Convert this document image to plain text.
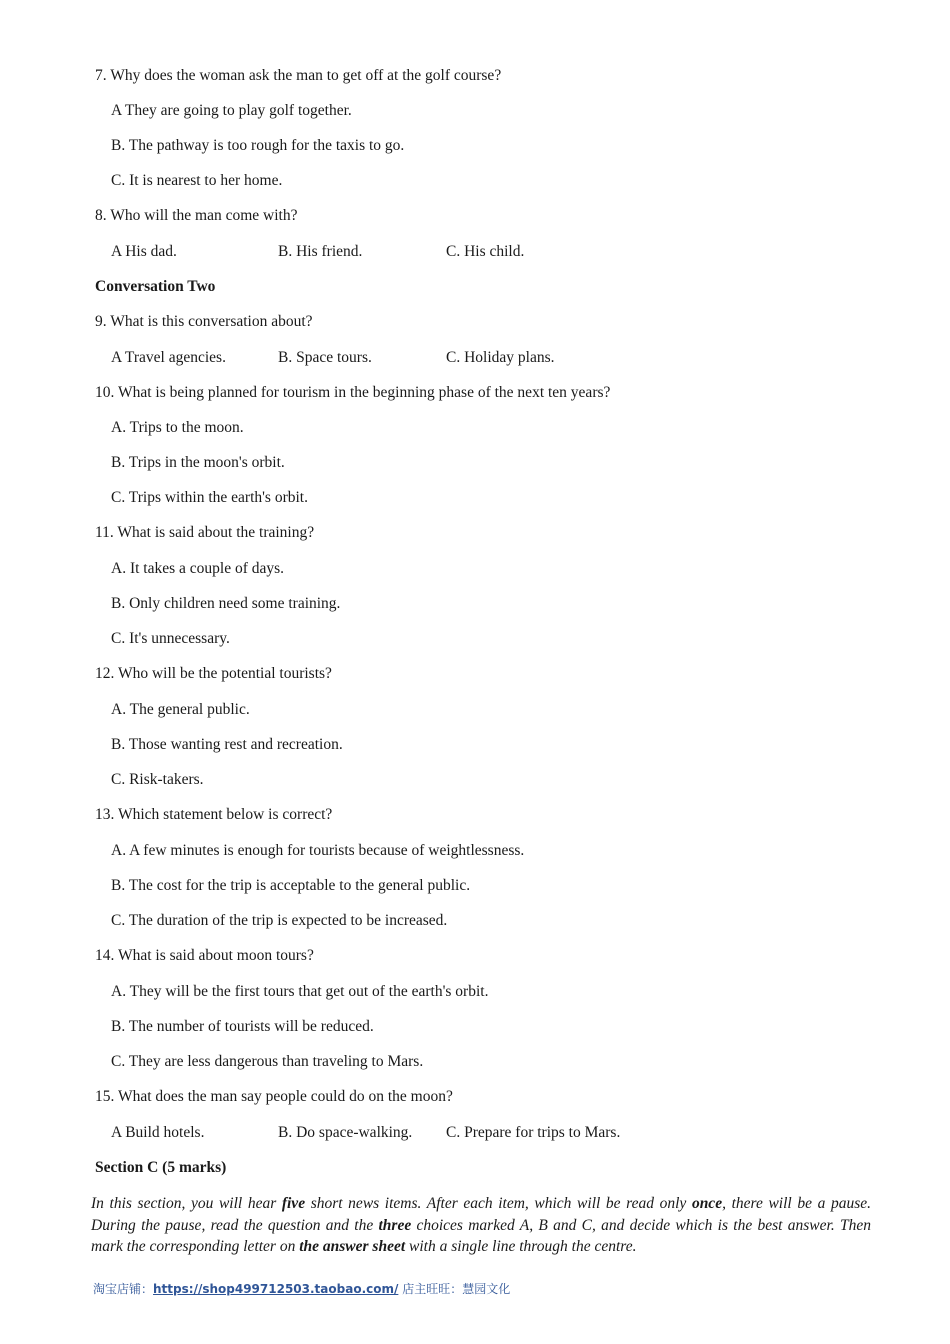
7. Why does the woman ask the man to get off at the golf course?
A They are going to play golf together.
B. The pathway is too rough for the taxis to go.
C. It is nearest to her home.
8. Who will the man come with?
A His dad.	B. His friend.	C. His child.
Conversation Two
9. What is this conversation about?
A Travel agencies.	B. Space tours.	C. Holiday plans.
10. What is being planned for tourism in the beginning phase of the next ten years?
A. Trips to the moon.
B. Trips in the moon's orbit.
C. Trips within the earth's orbit.
11. What is said about the training?
A. It takes a couple of days.
B. Only children need some training.
C. It's unnecessary.
12. Who will be the potential tourists?
A. The general public.
B. Those wanting rest and recreation.
C. Risk-takers.
13. Which statement below is correct?
A. A few minutes is enough for tourists because of weightlessness.
B. The cost for the trip is acceptable to the general public.
C. The duration of the trip is expected to be increased.
14. What is said about moon tours?
A. They will be the first tours that get out of the earth's orbit.
B. The number of tourists will be reduced.
C. They are less dangerous than traveling to Mars.
15. What does the man say people could do on the moon?
A Build hotels.	B. Do space-walking. C. Prepare for trips to Mars.
Section C (5 marks)
In this section, you will hear five short news items. After each item, which will be read only once, there will be a pause. During the pause, read the question and the three choices marked A, B and C, and decide which is the best answer. Then mark the corresponding letter on the answer sheet with a single line through the centre.
淘宝店铺：https://shop499712503.taobao.com/ 店主旺旺：慧园文化
